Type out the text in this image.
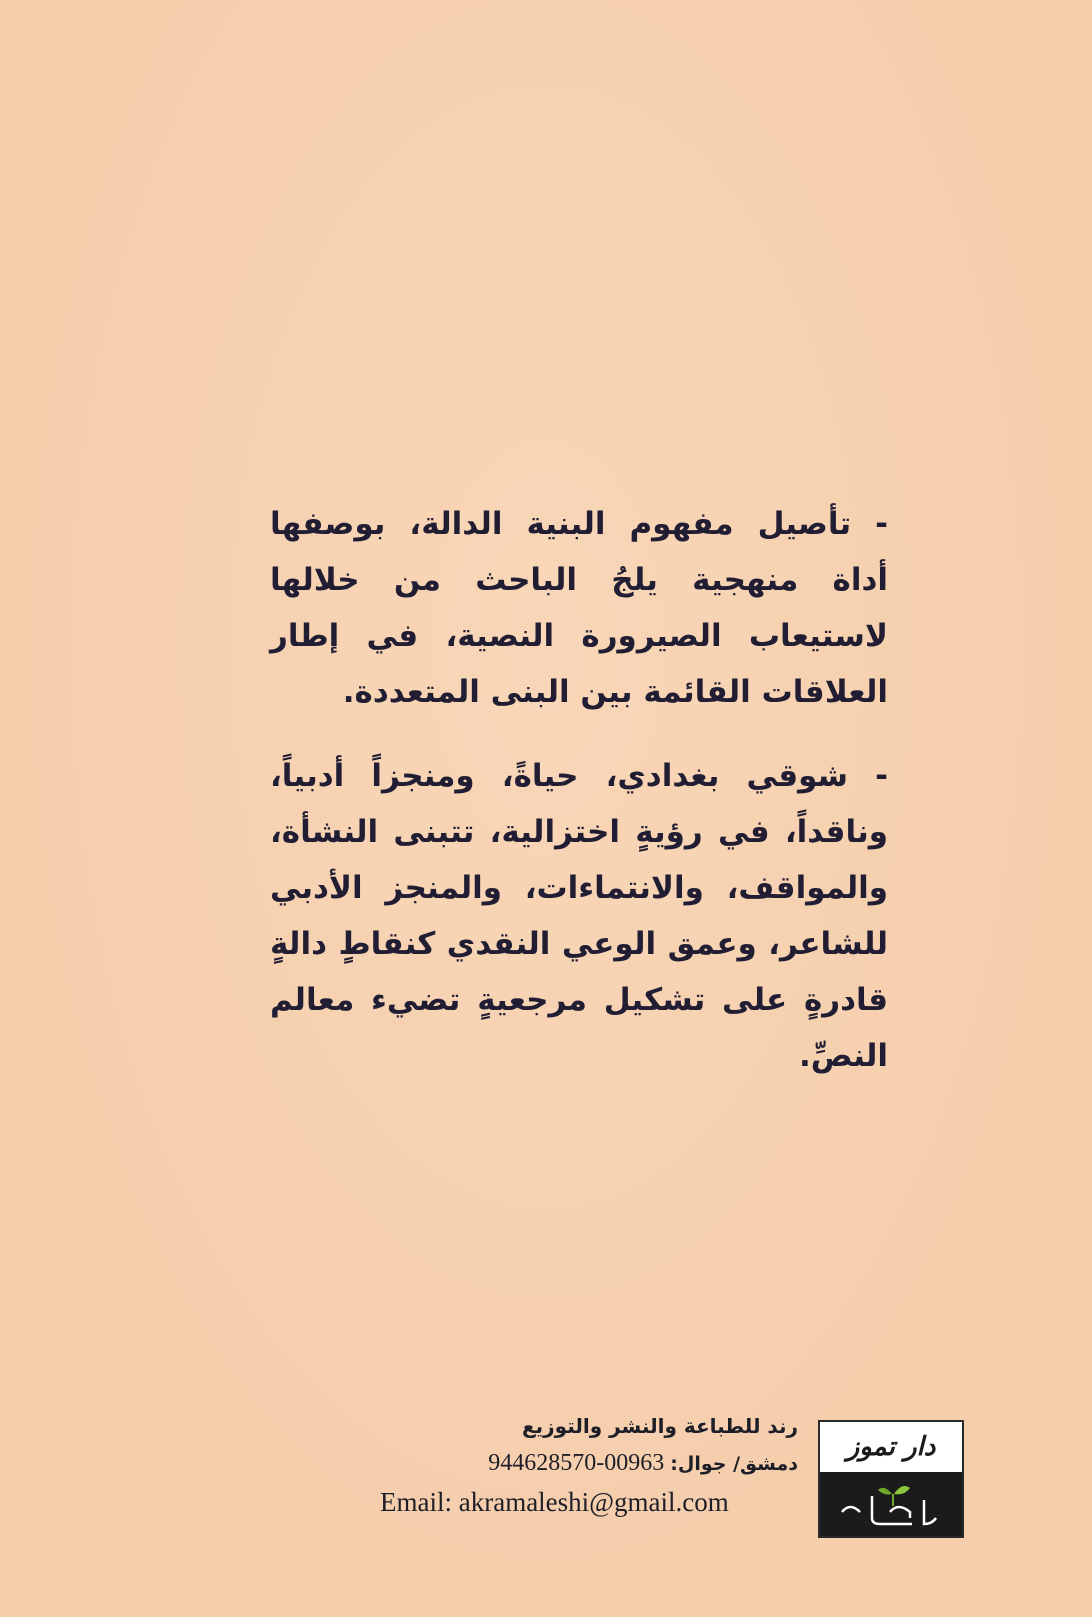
- تأصيل مفهوم البنية الدالة، بوصفها أداة منهجية يلجُ الباحث من خلالها لاستيعاب الصيرورة النصية، في إطار العلاقات القائمة بين البنى المتعددة.

- شوقي بغدادي، حياةً، ومنجزاً أدبياً، وناقداً، في رؤيةٍ اختزالية، تتبنى النشأة، والمواقف، والانتماءات، والمنجز الأدبي للشاعر، وعمق الوعي النقدي كنقاطٍ دالةٍ قادرةٍ على تشكيل مرجعيةٍ تضيء معالم النصِّ.

رند للطباعة والنشر والتوزيع
دمشق/ جوال: 00963-944628570
Email: akramaleshi@gmail.com
دار تموز
